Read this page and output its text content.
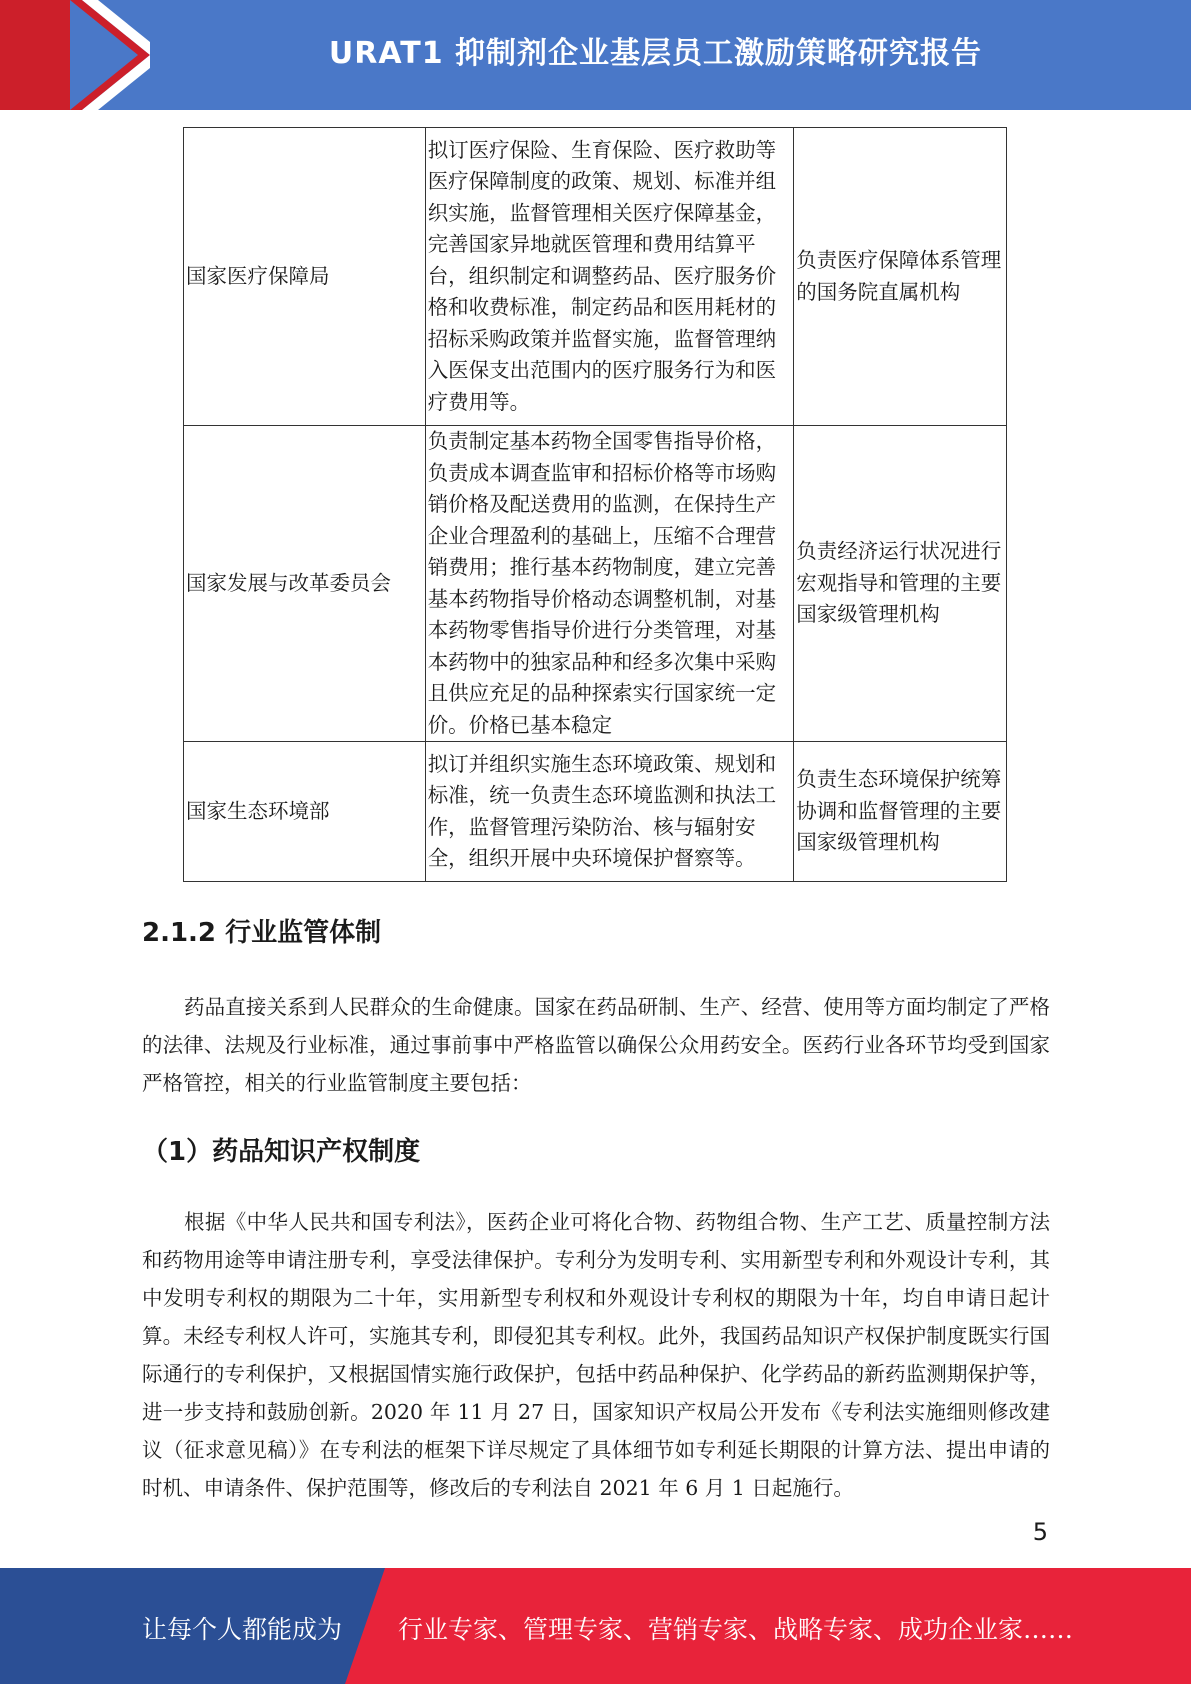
URAT1 抑制剂企业基层员工激励策略研究报告
国家医疗保障局	拟订医疗保险、生育保险、医疗救助等医疗保障制度的政策、规划、标准并组织实施，监督管理相关医疗保障基金，完善国家异地就医管理和费用结算平台，组织制定和调整药品、医疗服务价格和收费标准，制定药品和医用耗材的招标采购政策并监督实施，监督管理纳入医保支出范围内的医疗服务行为和医疗费用等。	负责医疗保障体系管理的国务院直属机构
国家发展与改革委员会	负责制定基本药物全国零售指导价格，负责成本调查监审和招标价格等市场购销价格及配送费用的监测，在保持生产企业合理盈利的基础上，压缩不合理营销费用；推行基本药物制度，建立完善基本药物指导价格动态调整机制，对基本药物零售指导价进行分类管理，对基本药物中的独家品种和经多次集中采购且供应充足的品种探索实行国家统一定价。价格已基本稳定	负责经济运行状况进行宏观指导和管理的主要国家级管理机构
国家生态环境部	拟订并组织实施生态环境政策、规划和标准，统一负责生态环境监测和执法工作，监督管理污染防治、核与辐射安全，组织开展中央环境保护督察等。	负责生态环境保护统筹协调和监督管理的主要国家级管理机构
2.1.2 行业监管体制

药品直接关系到人民群众的生命健康。国家在药品研制、生产、经营、使用等方面均制定了严格的法律、法规及行业标准，通过事前事中严格监管以确保公众用药安全。医药行业各环节均受到国家严格管控，相关的行业监管制度主要包括：

（1）药品知识产权制度

根据《中华人民共和国专利法》，医药企业可将化合物、药物组合物、生产工艺、质量控制方法和药物用途等申请注册专利，享受法律保护。专利分为发明专利、实用新型专利和外观设计专利，其中发明专利权的期限为二十年，实用新型专利权和外观设计专利权的期限为十年，均自申请日起计算。未经专利权人许可，实施其专利，即侵犯其专利权。此外，我国药品知识产权保护制度既实行国际通行的专利保护，又根据国情实施行政保护，包括中药品种保护、化学药品的新药监测期保护等，进一步支持和鼓励创新。2020 年 11 月 27 日，国家知识产权局公开发布《专利法实施细则修改建议（征求意见稿）》在专利法的框架下详尽规定了具体细节如专利延长期限的计算方法、提出申请的时机、申请条件、保护范围等，修改后的专利法自 2021 年 6 月 1 日起施行。

5
让每个人都能成为 行业专家、管理专家、营销专家、战略专家、成功企业家……
